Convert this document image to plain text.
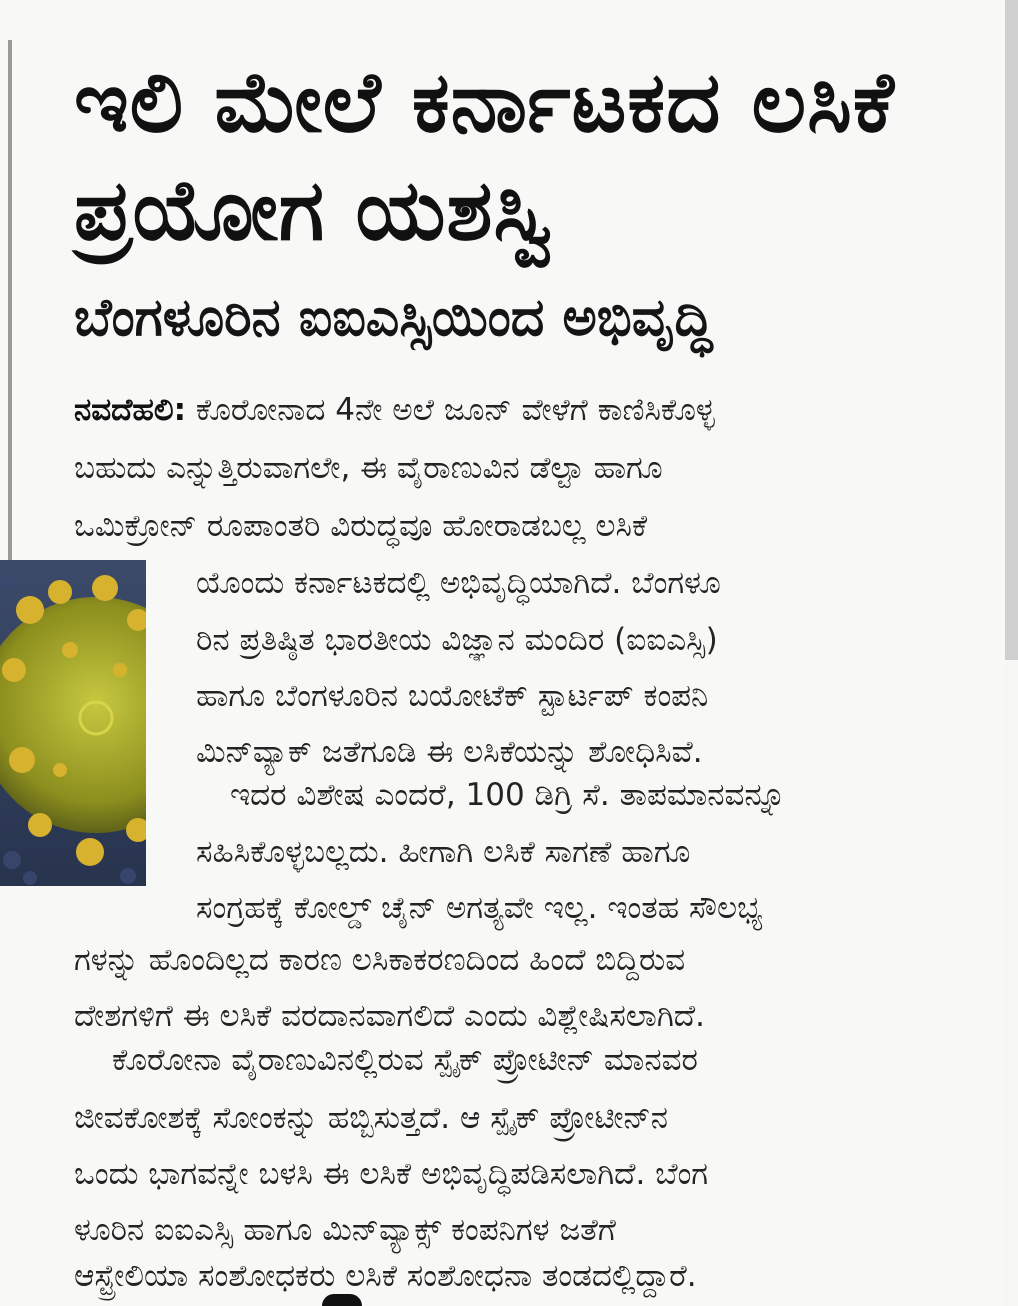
ಇಲಿ ಮೇಲೆ ಕರ್ನಾಟಕದ ಲಸಿಕೆ ಪ್ರಯೋಗ ಯಶಸ್ವಿ
ಬೆಂಗಳೂರಿನ ಐಐಎಸ್ಸಿಯಿಂದ ಅಭಿವೃದ್ಧಿ
ನವದೆಹಲಿ: ಕೊರೋನಾದ 4ನೇ ಅಲೆ ಜೂನ್ ವೇಳೆಗೆ ಕಾಣಿಸಿಕೊಳ್ಳ
ಬಹುದು ಎನ್ನುತ್ತಿರುವಾಗಲೇ, ಈ ವೈರಾಣುವಿನ ಡೆಲ್ಟಾ ಹಾಗೂ
ಒಮಿಕ್ರೋನ್ ರೂಪಾಂತರಿ ವಿರುದ್ಧವೂ ಹೋರಾಡಬಲ್ಲ ಲಸಿಕೆ
ಯೊಂದು ಕರ್ನಾಟಕದಲ್ಲಿ ಅಭಿವೃದ್ಧಿಯಾಗಿದೆ. ಬೆಂಗಳೂ
ರಿನ ಪ್ರತಿಷ್ಠಿತ ಭಾರತೀಯ ವಿಜ್ಞಾನ ಮಂದಿರ (ಐಐಎಸ್ಸಿ)
ಹಾಗೂ ಬೆಂಗಳೂರಿನ ಬಯೋಟೆಕ್ ಸ್ಟಾರ್ಟಪ್ ಕಂಪನಿ
ಮಿನ್‌ವ್ಯಾಕ್ ಜತೆಗೂಡಿ ಈ ಲಸಿಕೆಯನ್ನು ಶೋಧಿಸಿವೆ.
ಇದರ ವಿಶೇಷ ಎಂದರೆ, 100 ಡಿಗ್ರಿ ಸೆ. ತಾಪಮಾನವನ್ನೂ
ಸಹಿಸಿಕೊಳ್ಳಬಲ್ಲದು. ಹೀಗಾಗಿ ಲಸಿಕೆ ಸಾಗಣೆ ಹಾಗೂ
ಸಂಗ್ರಹಕ್ಕೆ ಕೋಲ್ಡ್ ಚೈನ್ ಅಗತ್ಯವೇ ಇಲ್ಲ. ಇಂತಹ ಸೌಲಭ್ಯ
ಗಳನ್ನು ಹೊಂದಿಲ್ಲದ ಕಾರಣ ಲಸಿಕಾಕರಣದಿಂದ ಹಿಂದೆ ಬಿದ್ದಿರುವ
ದೇಶಗಳಿಗೆ ಈ ಲಸಿಕೆ ವರದಾನವಾಗಲಿದೆ ಎಂದು ವಿಶ್ಲೇಷಿಸಲಾಗಿದೆ.
ಕೊರೋನಾ ವೈರಾಣುವಿನಲ್ಲಿರುವ ಸ್ಪೈಕ್ ಪ್ರೋಟೀನ್ ಮಾನವರ
ಜೀವಕೋಶಕ್ಕೆ ಸೋಂಕನ್ನು ಹಬ್ಬಿಸುತ್ತದೆ. ಆ ಸ್ಪೈಕ್ ಪ್ರೋಟೀನ್‌ನ
ಒಂದು ಭಾಗವನ್ನೇ ಬಳಸಿ ಈ ಲಸಿಕೆ ಅಭಿವೃದ್ಧಿಪಡಿಸಲಾಗಿದೆ. ಬೆಂಗ
ಳೂರಿನ ಐಐಎಸ್ಸಿ ಹಾಗೂ ಮಿನ್‌ವ್ಯಾಕ್ಸ್ ಕಂಪನಿಗಳ ಜತೆಗೆ
ಆಸ್ಟ್ರೇಲಿಯಾ ಸಂಶೋಧಕರು ಲಸಿಕೆ ಸಂಶೋಧನಾ ತಂಡದಲ್ಲಿದ್ದಾರೆ.
